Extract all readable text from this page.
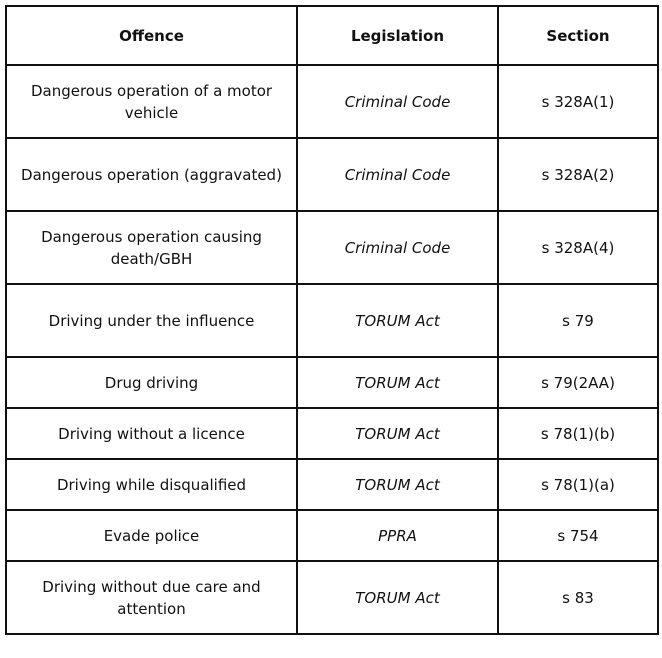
Offence	Legislation	Section
Dangerous operation of a motor vehicle	Criminal Code	s 328A(1)
Dangerous operation (aggravated)	Criminal Code	s 328A(2)
Dangerous operation causing death/GBH	Criminal Code	s 328A(4)
Driving under the influence	TORUM Act	s 79
Drug driving	TORUM Act	s 79(2AA)
Driving without a licence	TORUM Act	s 78(1)(b)
Driving while disqualified	TORUM Act	s 78(1)(a)
Evade police	PPRA	s 754
Driving without due care and attention	TORUM Act	s 83
